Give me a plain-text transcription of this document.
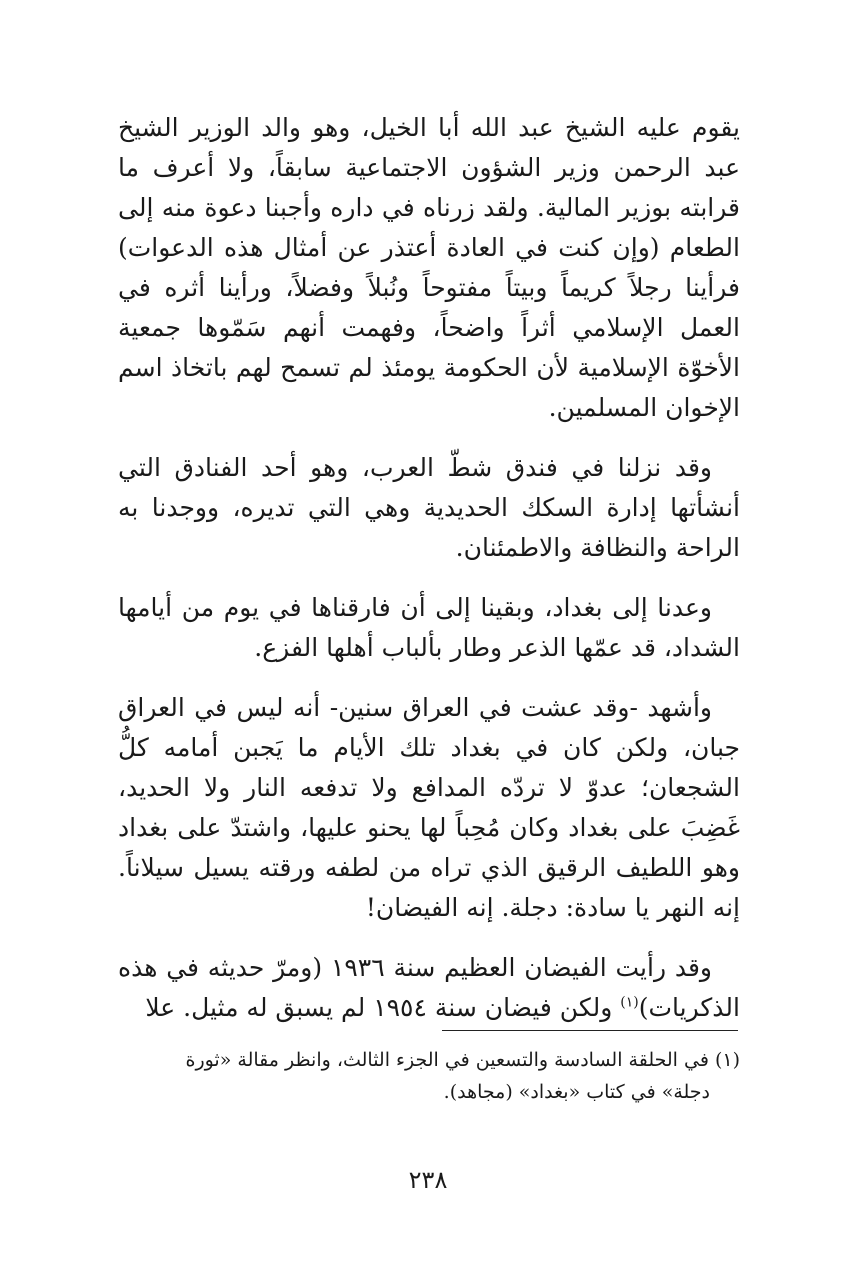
يقوم عليه الشيخ عبد الله أبا الخيل، وهو والد الوزير الشيخ عبد الرحمن وزير الشؤون الاجتماعية سابقاً، ولا أعرف ما قرابته بوزير المالية. ولقد زرناه في داره وأجبنا دعوة منه إلى الطعام (وإن كنت في العادة أعتذر عن أمثال هذه الدعوات) فرأينا رجلاً كريماً وبيتاً مفتوحاً ونُبلاً وفضلاً، ورأينا أثره في العمل الإسلامي أثراً واضحاً، وفهمت أنهم سَمّوها جمعية الأخوّة الإسلامية لأن الحكومة يومئذ لم تسمح لهم باتخاذ اسم الإخوان المسلمين.

وقد نزلنا في فندق شطّ العرب، وهو أحد الفنادق التي أنشأتها إدارة السكك الحديدية وهي التي تديره، ووجدنا به الراحة والنظافة والاطمئنان.

وعدنا إلى بغداد، وبقينا إلى أن فارقناها في يوم من أيامها الشداد، قد عمّها الذعر وطار بألباب أهلها الفزع.

وأشهد -وقد عشت في العراق سنين- أنه ليس في العراق جبان، ولكن كان في بغداد تلك الأيام ما يَجبن أمامه كلُّ الشجعان؛ عدوّ لا تردّه المدافع ولا تدفعه النار ولا الحديد، غَضِبَ على بغداد وكان مُحِباً لها يحنو عليها، واشتدّ على بغداد وهو اللطيف الرقيق الذي تراه من لطفه ورقته يسيل سيلاناً. إنه النهر يا سادة: دجلة. إنه الفيضان!

وقد رأيت الفيضان العظيم سنة ١٩٣٦ (ومرّ حديثه في هذه الذكريات)$^{(١)}$ ولكن فيضان سنة ١٩٥٤ لم يسبق له مثيل. علا

(١) في الحلقة السادسة والتسعين في الجزء الثالث، وانظر مقالة «ثورة
دجلة» في كتاب «بغداد» (مجاهد).
٢٣٨
